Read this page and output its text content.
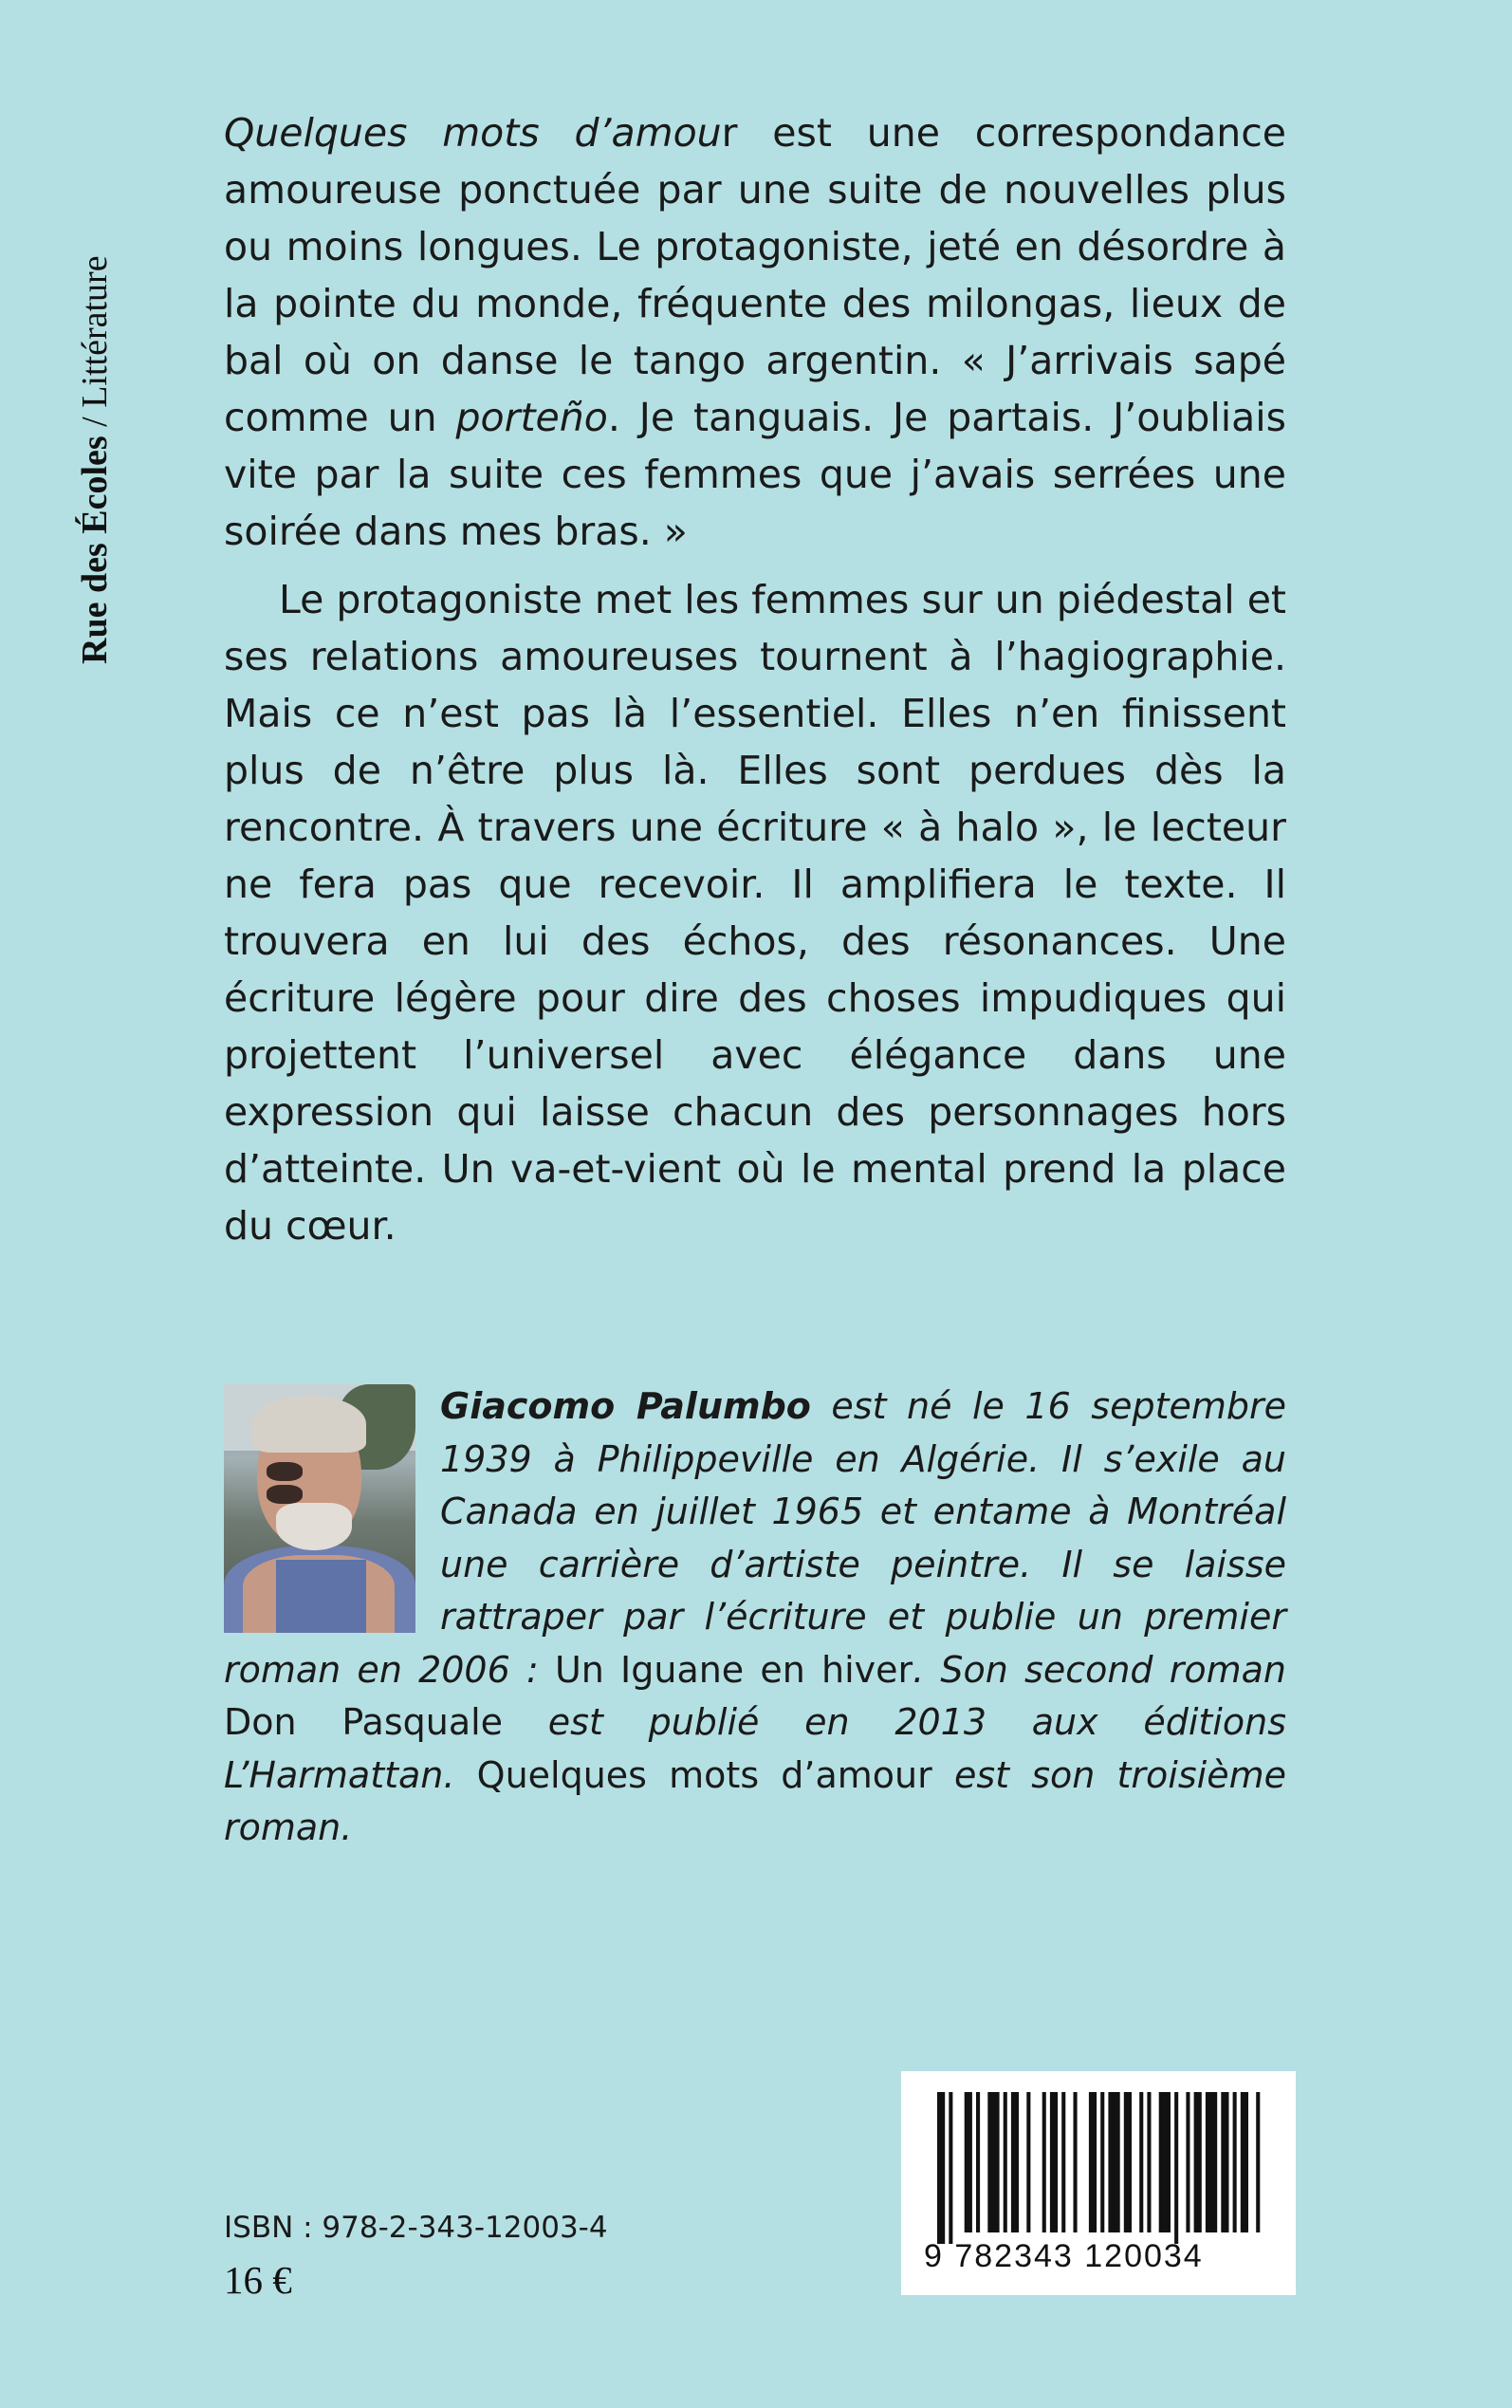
Rue des Écoles / Littérature

Quelques mots d’amour est une correspondance amoureuse ponctuée par une suite de nouvelles plus ou moins longues. Le protagoniste, jeté en désordre à la pointe du monde, fréquente des milongas, lieux de bal où on danse le tango argentin. « J’arrivais sapé comme un porteño. Je tanguais. Je partais. J’oubliais vite par la suite ces femmes que j’avais serrées une soirée dans mes bras. »

Le protagoniste met les femmes sur un piédestal et ses relations amoureuses tournent à l’hagiographie. Mais ce n’est pas là l’essentiel. Elles n’en finissent plus de n’être plus là. Elles sont perdues dès la rencontre. À travers une écriture « à halo », le lecteur ne fera pas que recevoir. Il amplifiera le texte. Il trouvera en lui des échos, des résonances. Une écriture légère pour dire des choses impudiques qui projettent l’universel avec élégance dans une expression qui laisse chacun des personnages hors d’atteinte. Un va-et-vient où le mental prend la place du cœur.

Giacomo Palumbo est né le 16 septembre 1939 à Philippeville en Algérie. Il s’exile au Canada en juillet 1965 et entame à Montréal une carrière d’artiste peintre. Il se laisse rattraper par l’écriture et publie un premier roman en 2006 : Un Iguane en hiver. Son second roman Don Pasquale est publié en 2013 aux éditions L’Harmattan. Quelques mots d’amour est son troisième roman.

ISBN : 978-2-343-12003-4
16 €
9 782343 120034
